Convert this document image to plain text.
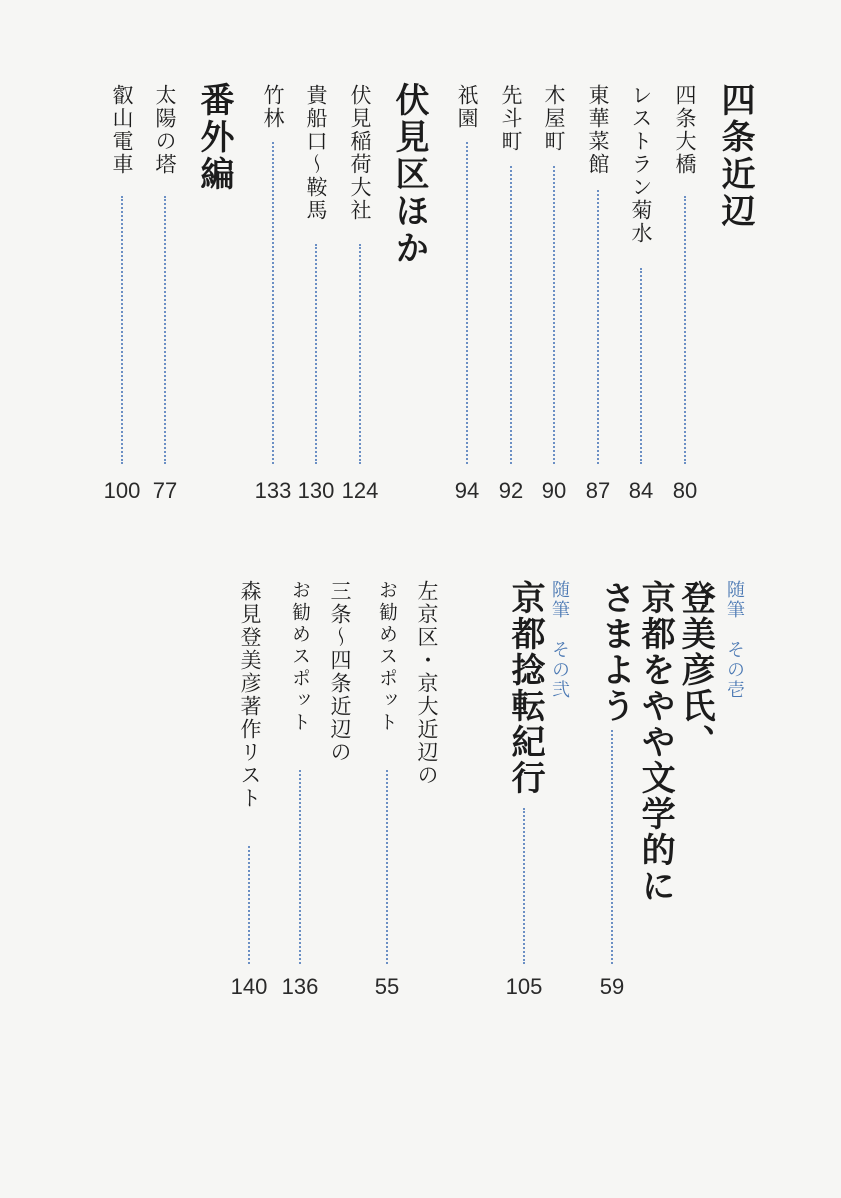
四条近辺
四条大橋
80
レストラン菊水
84
東華菜館
87
木屋町
90
先斗町
92
祇園
94
伏見区ほか
伏見稲荷大社
124
貴船口～鞍馬
130
竹林
133
番外編
太陽の塔
77
叡山電車
100
随筆　その壱
登美彦氏、
京都をやや文学的に
さまよう
59
随筆　その弐
京都捻転紀行
105
左京区・京大近辺の
お勧めスポット
55
三条～四条近辺の
お勧めスポット
136
森見登美彦著作リスト
140
